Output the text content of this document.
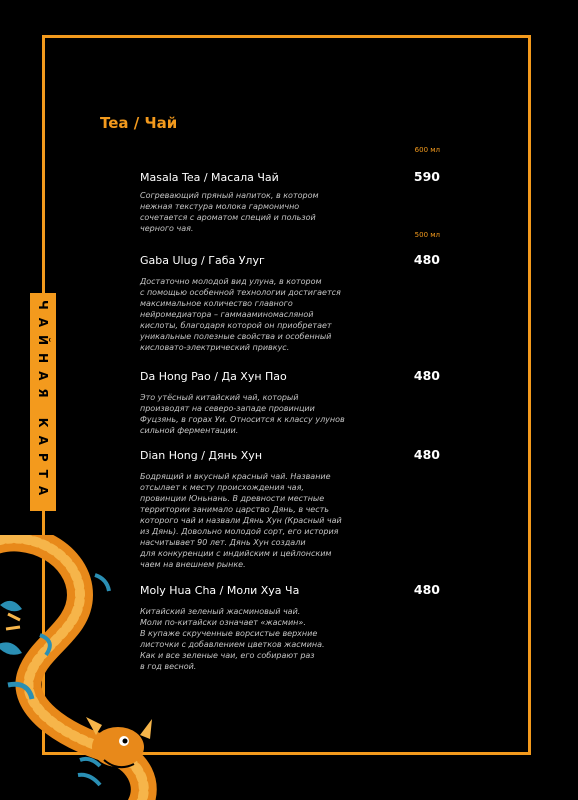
ЧАЙНАЯ КАРТА
Tea / Чай
600 мл
Masala Tea / Масала Чай	590
Согревающий пряный напиток, в котором
нежная текстура молока гармонично
сочетается с ароматом специй и пользой
черного чая.
500 мл
Gaba Ulug / Габа Улуг	480
Достаточно молодой вид улуна, в котором
с помощью особенной технологии достигается
максимальное количество главного
нейромедиатора – гаммааминомасляной
кислоты, благодаря которой он приобретает
уникальные полезные свойства и особенный
кисловато-электрический привкус.
Da Hong Pao / Да Хун Пао	480
Это утёсный китайский чай, который
производят на северо-западе провинции
Фуцзянь, в горах Уи. Относится к классу улунов
сильной ферментации.
Dian Hong / Дянь Хун	480
Бодрящий и вкусный красный чай. Название
отсылает к месту происхождения чая,
провинции Юньнань. В древности местные
территории занимало царство Дянь, в честь
которого чай и назвали Дянь Хун (Красный чай
из Дянь). Довольно молодой сорт, его история
насчитывает 90 лет. Дянь Хун создали
для конкуренции с индийским и цейлонским
чаем на внешнем рынке.
Moly Hua Cha / Моли Хуа Ча	480
Китайский зеленый жасминовый чай.
Моли по-китайски означает «жасмин».
В купаже скрученные ворсистые верхние
листочки с добавлением цветков жасмина.
Как и все зеленые чаи, его собирают раз
в год весной.
